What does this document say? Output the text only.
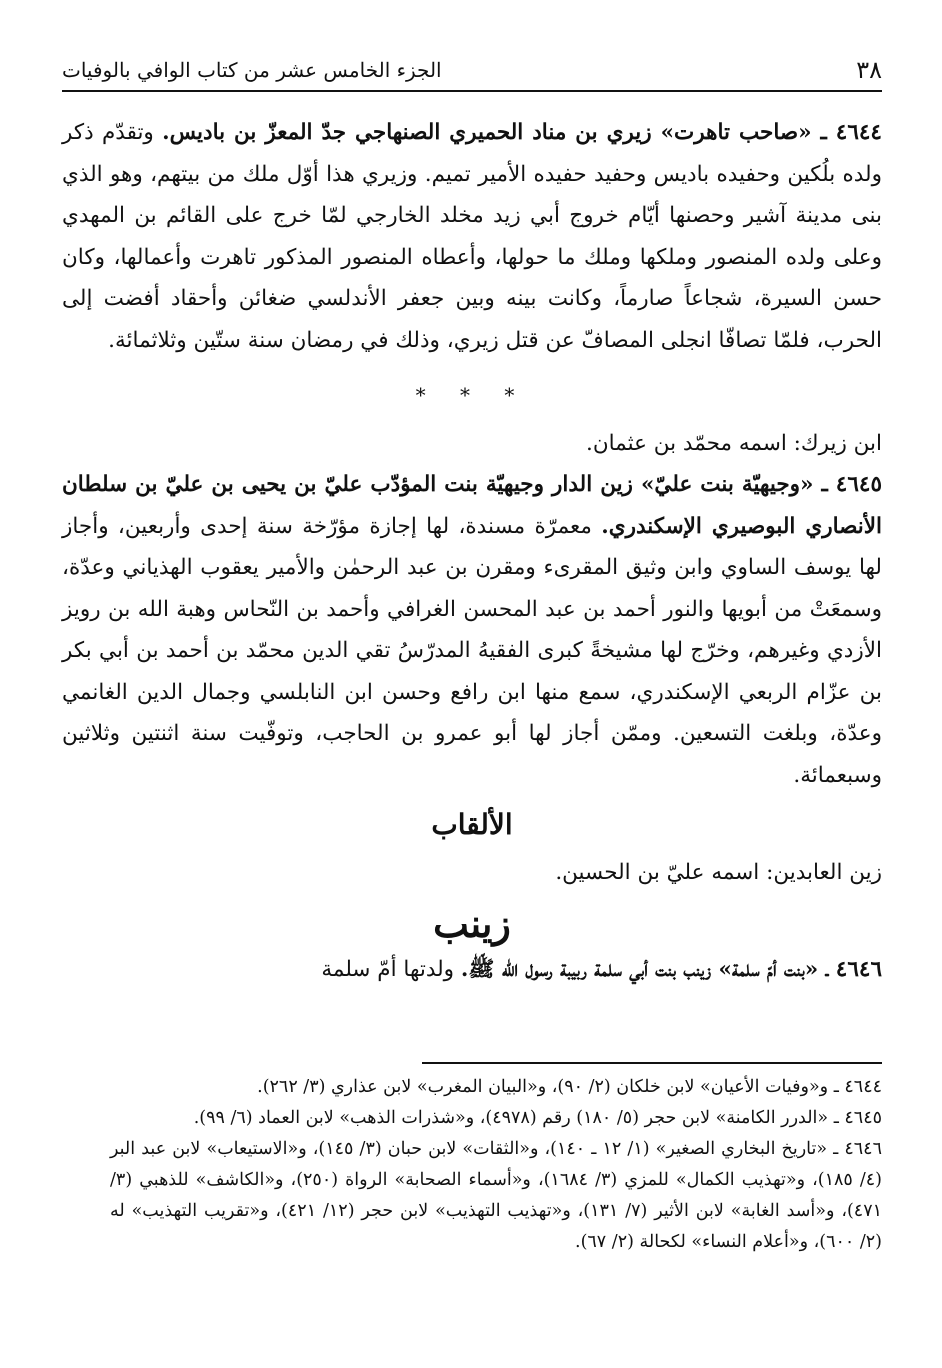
٣٨
الجزء الخامس عشر من كتاب الوافي بالوفيات

٤٦٤٤ ـ «صاحب تاهرت» زيري بن مناد الحميري الصنهاجي جدّ المعزّ بن باديس. وتقدّم ذكر ولده بلُكين وحفيده باديس وحفيد حفيده الأمير تميم. وزيري هذا أوّل ملك من بيتهم، وهو الذي بنى مدينة آشير وحصنها أيّام خروج أبي زيد مخلد الخارجي لمّا خرج على القائم بن المهدي وعلى ولده المنصور وملكها وملك ما حولها، وأعطاه المنصور المذكور تاهرت وأعمالها، وكان حسن السيرة، شجاعاً صارماً، وكانت بينه وبين جعفر الأندلسي ضغائن وأحقاد أفضت إلى الحرب، فلمّا تصافّا انجلى المصافّ عن قتل زيري، وذلك في رمضان سنة ستّين وثلاثمائة.

* * *

ابن زيرك: اسمه محمّد بن عثمان.

٤٦٤٥ ـ «وجيهيّة بنت عليّ» زين الدار وجيهيّة بنت المؤدّب عليّ بن يحيى بن عليّ بن سلطان الأنصاري البوصيري الإسكندري. معمرّة مسندة، لها إجازة مؤرّخة سنة إحدى وأربعين، وأجاز لها يوسف الساوي وابن وثيق المقرىء ومقرن بن عبد الرحمٰن والأمير يعقوب الهذياني وعدّة، وسمعَتْ من أبويها والنور أحمد بن عبد المحسن الغرافي وأحمد بن النّحاس وهبة الله بن رويز الأزدي وغيرهم، وخرّج لها مشيخةً كبرى الفقيهُ المدرّسُ تقي الدين محمّد بن أحمد بن أبي بكر بن عزّام الربعي الإسكندري، سمع منها ابن رافع وحسن ابن النابلسي وجمال الدين الغانمي وعدّة، وبلغت التسعين. وممّن أجاز لها أبو عمرو بن الحاجب، وتوفّيت سنة اثنتين وثلاثين وسبعمائة.

الألقاب

زين العابدين: اسمه عليّ بن الحسين.

زينب

٤٦٤٦ ـ «بنت أمّ سلمة» زينب بنت أبي سلمة ربيبة رسول الله ﷺ. ولدتها أمّ سلمة

٤٦٤٤ ـ و«وفيات الأعيان» لابن خلكان (٢/ ٩٠)، و«البيان المغرب» لابن عذاري (٣/ ٢٦٢).

٤٦٤٥ ـ «الدرر الكامنة» لابن حجر (٥/ ١٨٠) رقم (٤٩٧٨)، و«شذرات الذهب» لابن العماد (٦/ ٩٩).

٤٦٤٦ ـ «تاريخ البخاري الصغير» (١/ ١٢ ـ ١٤٠)، و«الثقات» لابن حبان (٣/ ١٤٥)، و«الاستيعاب» لابن عبد البر (٤/ ١٨٥)، و«تهذيب الكمال» للمزي (٣/ ١٦٨٤)، و«أسماء الصحابة» الرواة (٢٥٠)، و«الكاشف» للذهبي (٣/ ٤٧١)، و«أسد الغابة» لابن الأثير (٧/ ١٣١)، و«تهذيب التهذيب» لابن حجر (١٢/ ٤٢١)، و«تقريب التهذيب» له (٢/ ٦٠٠)، و«أعلام النساء» لكحالة (٢/ ٦٧).
